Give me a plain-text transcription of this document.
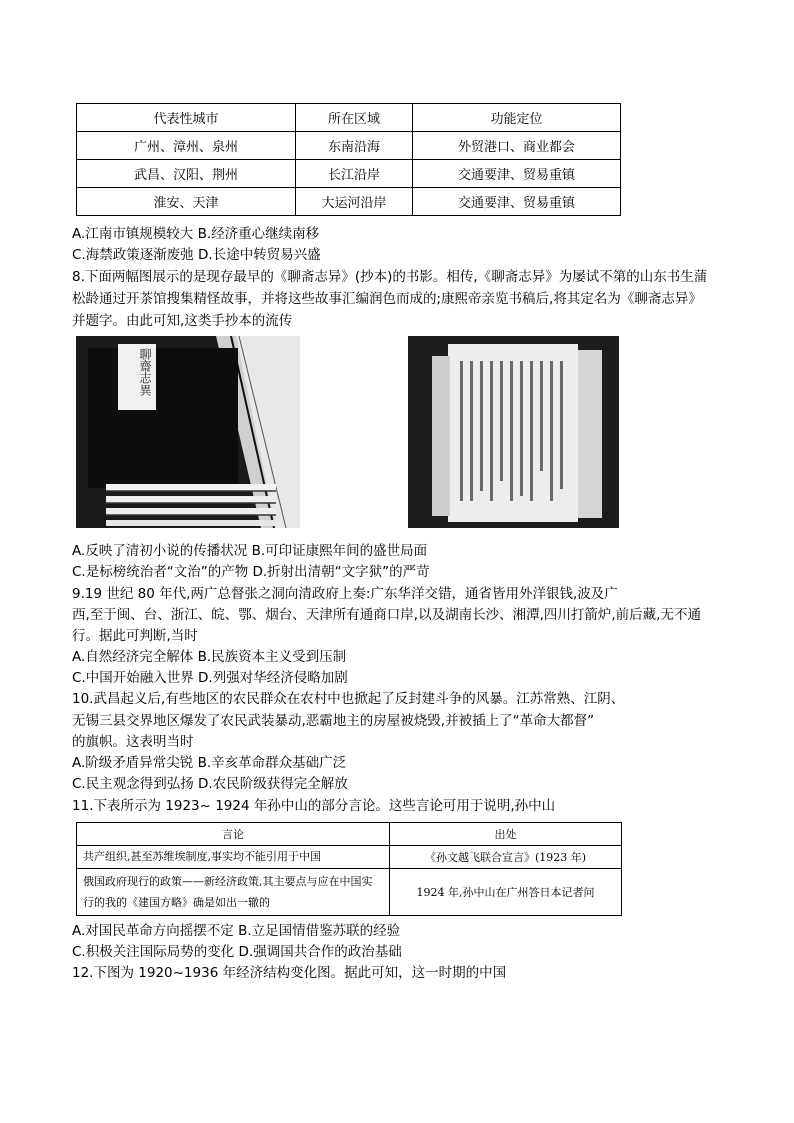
代表性城市	所在区域	功能定位
广州、漳州、泉州	东南沿海	外贸港口、商业都会
武昌、汉阳、荆州	长江沿岸	交通要津、贸易重镇
淮安、天津	大运河沿岸	交通要津、贸易重镇
A.江南市镇规模较大 B.经济重心继续南移
C.海禁政策逐渐废弛 D.长途中转贸易兴盛
8.下面两幅图展示的是现存最早的《聊斋志异》(抄本)的书影。相传,《聊斋志异》为屡试不第的山东书生蒲
松龄通过开茶馆搜集精怪故事，并将这些故事汇编润色而成的;康熙帝亲览书稿后,将其定名为《聊斋志异》
并题字。由此可知,这类手抄本的流传
聊齋志異
A.反映了清初小说的传播状况 B.可印证康熙年间的盛世局面
C.是标榜统治者“文治”的产物 D.折射出清朝“文字狱”的严苛
9.19 世纪 80 年代,两广总督张之洞向清政府上奏:广东华洋交错，通省皆用外洋银钱,波及广
西,至于闽、台、浙江、皖、鄂、烟台、天津所有通商口岸,以及湖南长沙、湘潭,四川打箭炉,前后藏,无不通
行。据此可判断,当时
A.自然经济完全解体 B.民族资本主义受到压制
C.中国开始融入世界 D.列强对华经济侵略加剧
10.武昌起义后,有些地区的农民群众在农村中也掀起了反封建斗争的风暴。江苏常熟、江阴、
无锡三县交界地区爆发了农民武装暴动,恶霸地主的房屋被烧毁,并被插上了“革命大都督”
的旗帜。这表明当时
A.阶级矛盾异常尖锐 B.辛亥革命群众基础广泛
C.民主观念得到弘扬 D.农民阶级获得完全解放
11.下表所示为 1923~ 1924 年孙中山的部分言论。这些言论可用于说明,孙中山
言论	出处
共产组织,甚至苏维埃制度,事实均不能引用于中国	《孙文越飞联合宣言》(1923 年)
俄国政府现行的政策——新经济政策,其主要点与应在中国实行的我的《建国方略》确是如出一辙的	1924 年,孙中山在广州答日本记者问
A.对国民革命方向摇摆不定 B.立足国情借鉴苏联的经验
C.积极关注国际局势的变化 D.强调国共合作的政治基础
12.下图为 1920~1936 年经济结构变化图。据此可知，这一时期的中国
